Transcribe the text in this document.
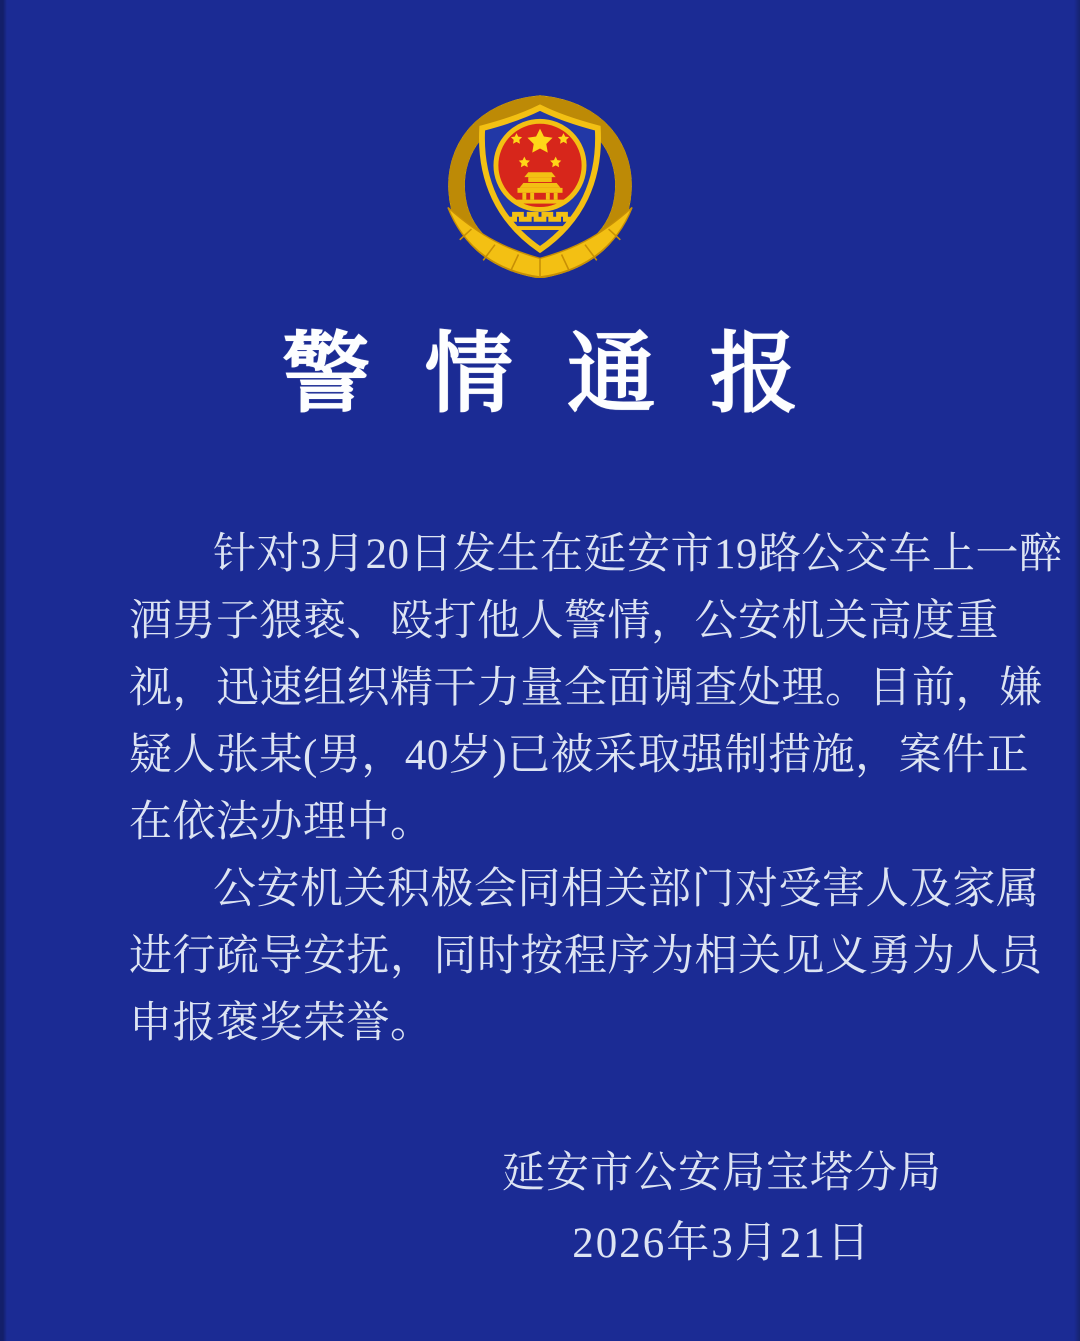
警情通报
针对3月20日发生在延安市19路公交车上一醉
酒男子猥亵、殴打他人警情，公安机关高度重
视，迅速组织精干力量全面调查处理。目前，嫌
疑人张某(男，40岁)已被采取强制措施，案件正
在依法办理中。
公安机关积极会同相关部门对受害人及家属
进行疏导安抚，同时按程序为相关见义勇为人员
申报褒奖荣誉。
延安市公安局宝塔分局
2026年3月21日
